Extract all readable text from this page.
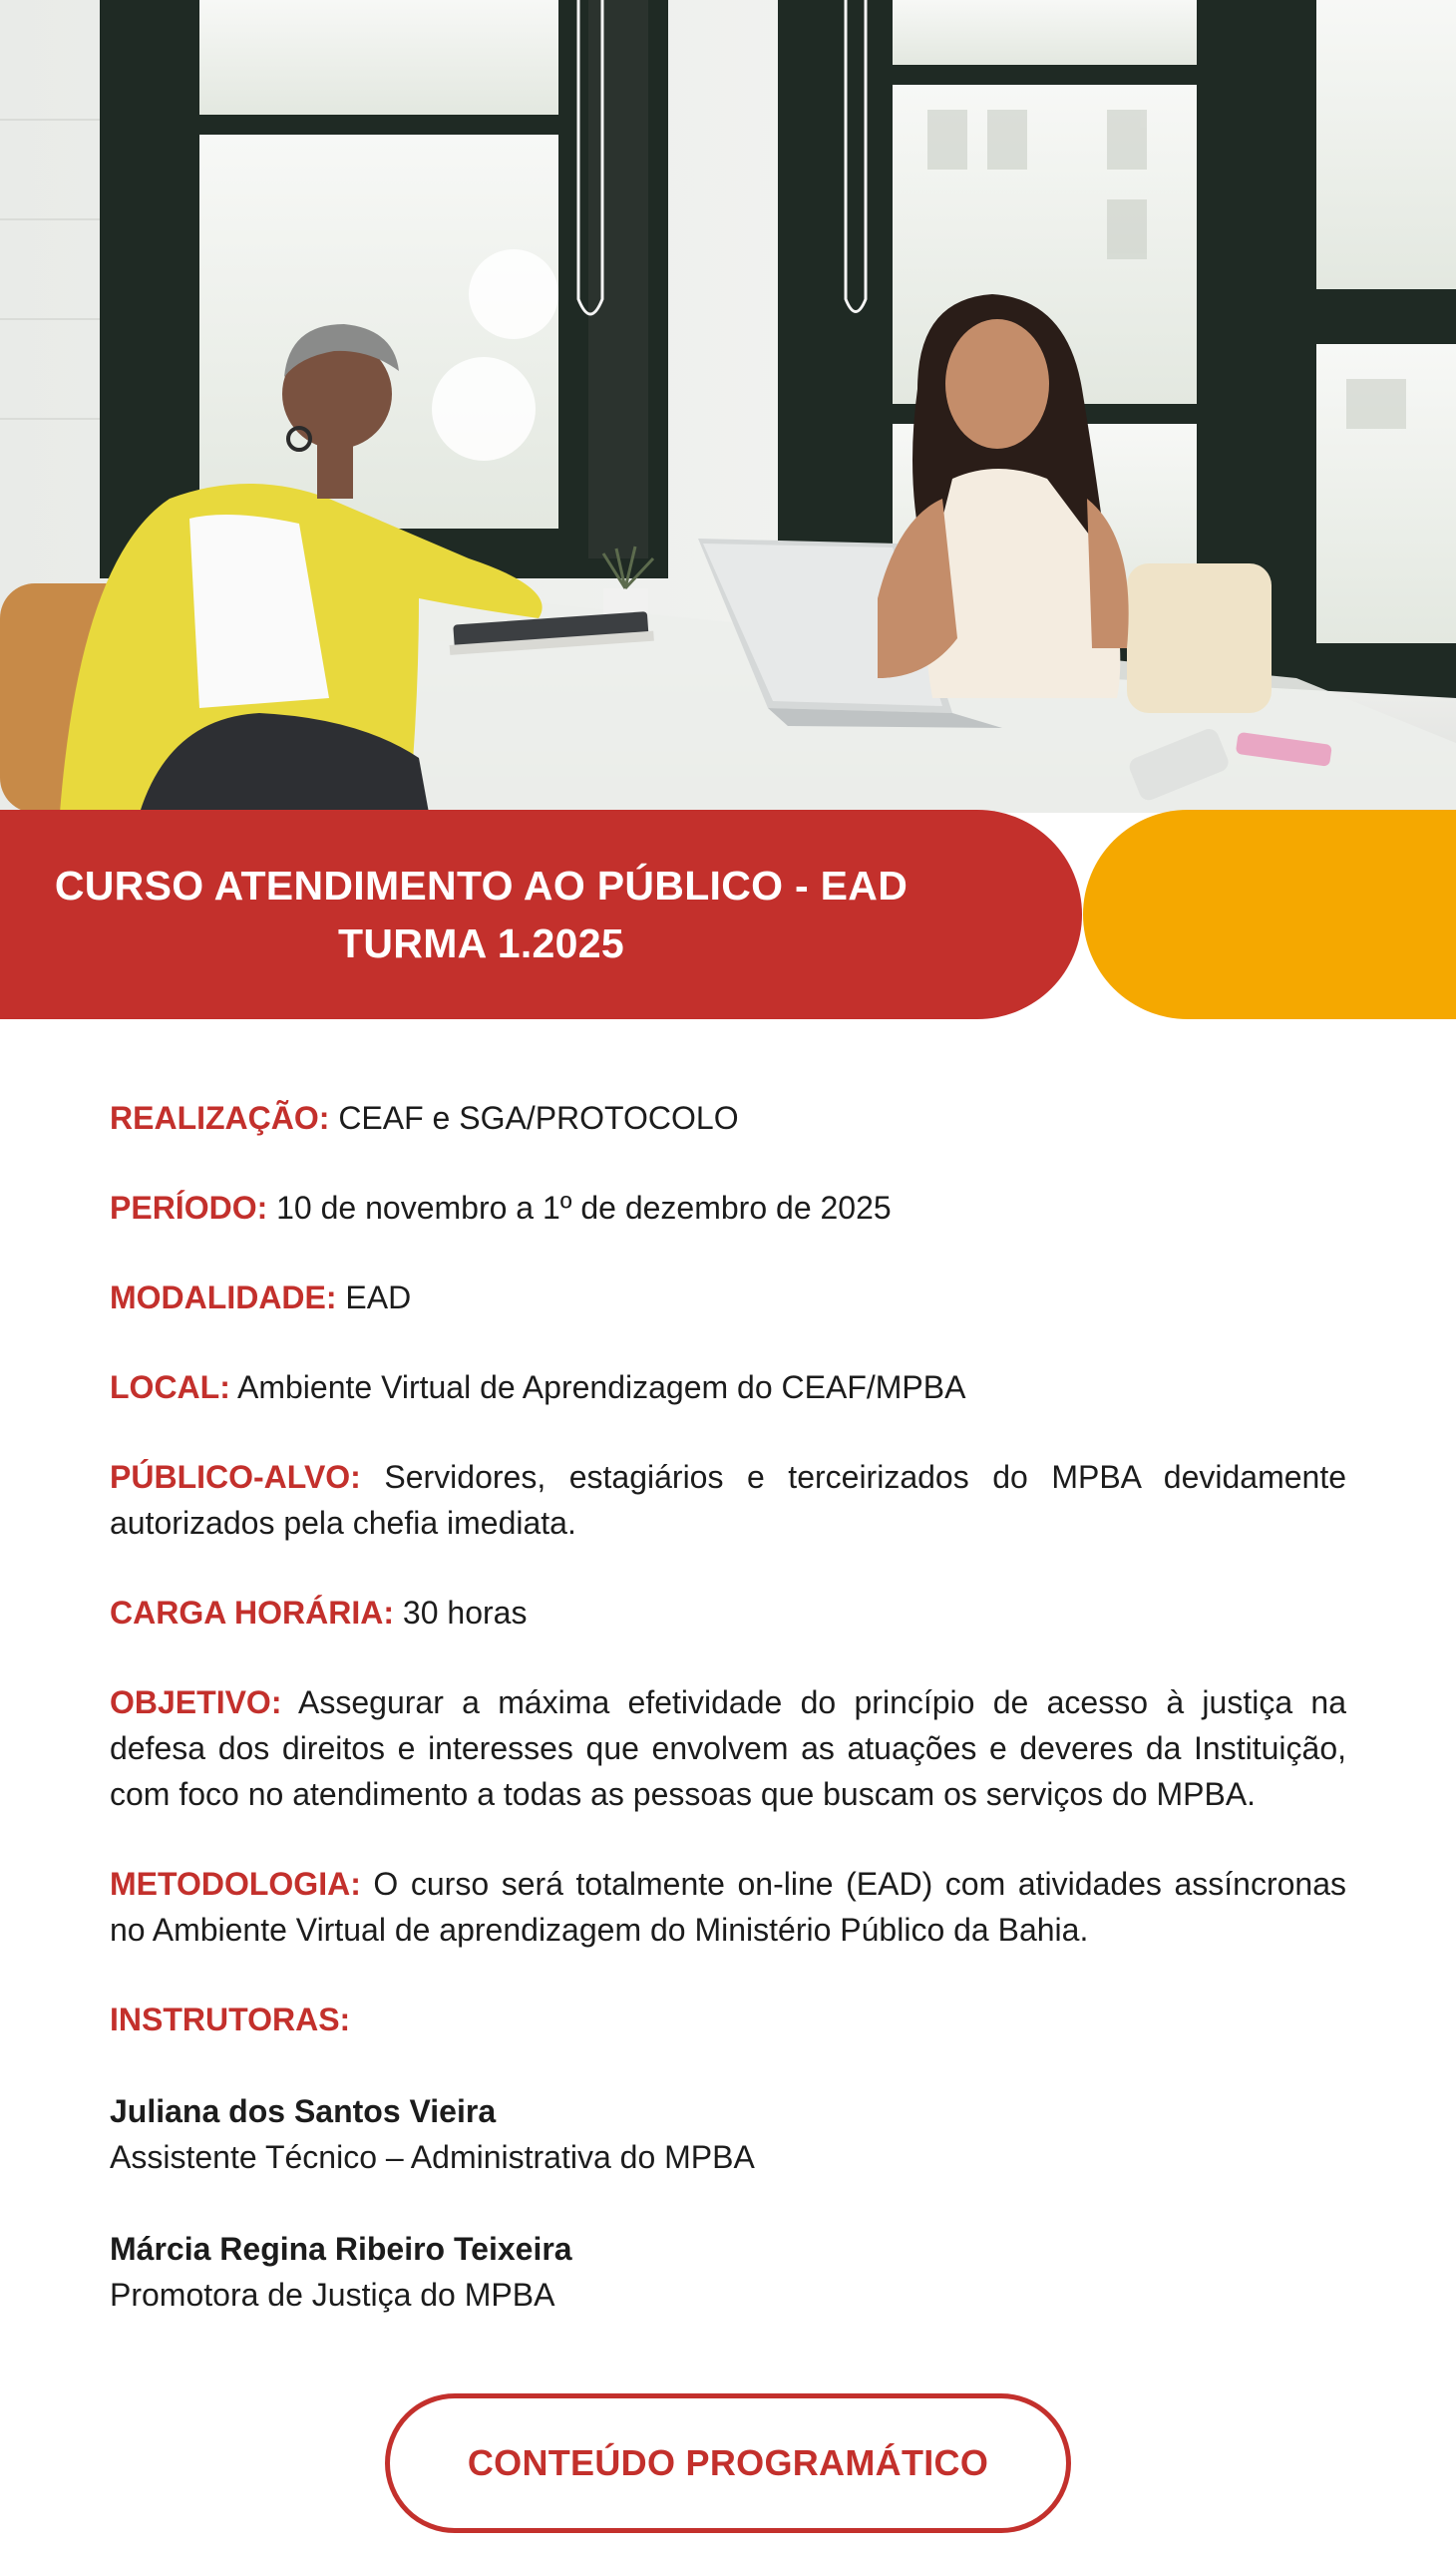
CURSO ATENDIMENTO AO PÚBLICO - EAD
TURMA 1.2025

REALIZAÇÃO: CEAF e SGA/PROTOCOLO

PERÍODO: 10 de novembro a 1º de dezembro de 2025

MODALIDADE: EAD

LOCAL: Ambiente Virtual de Aprendizagem do CEAF/MPBA

PÚBLICO-ALVO: Servidores, estagiários e terceirizados do MPBA devidamente autorizados pela chefia imediata.

CARGA HORÁRIA: 30 horas

OBJETIVO: Assegurar a máxima efetividade do princípio de acesso à justiça na defesa dos direitos e interesses que envolvem as atuações e deveres da Instituição, com foco no atendimento a todas as pessoas que buscam os serviços do MPBA.

METODOLOGIA: O curso será totalmente on-line (EAD) com atividades assíncronas no Ambiente Virtual de aprendizagem do Ministério Público da Bahia.

INSTRUTORAS:

Juliana dos Santos Vieira
Assistente Técnico – Administrativa do MPBA

Márcia Regina Ribeiro Teixeira
Promotora de Justiça do MPBA

CONTEÚDO PROGRAMÁTICO
